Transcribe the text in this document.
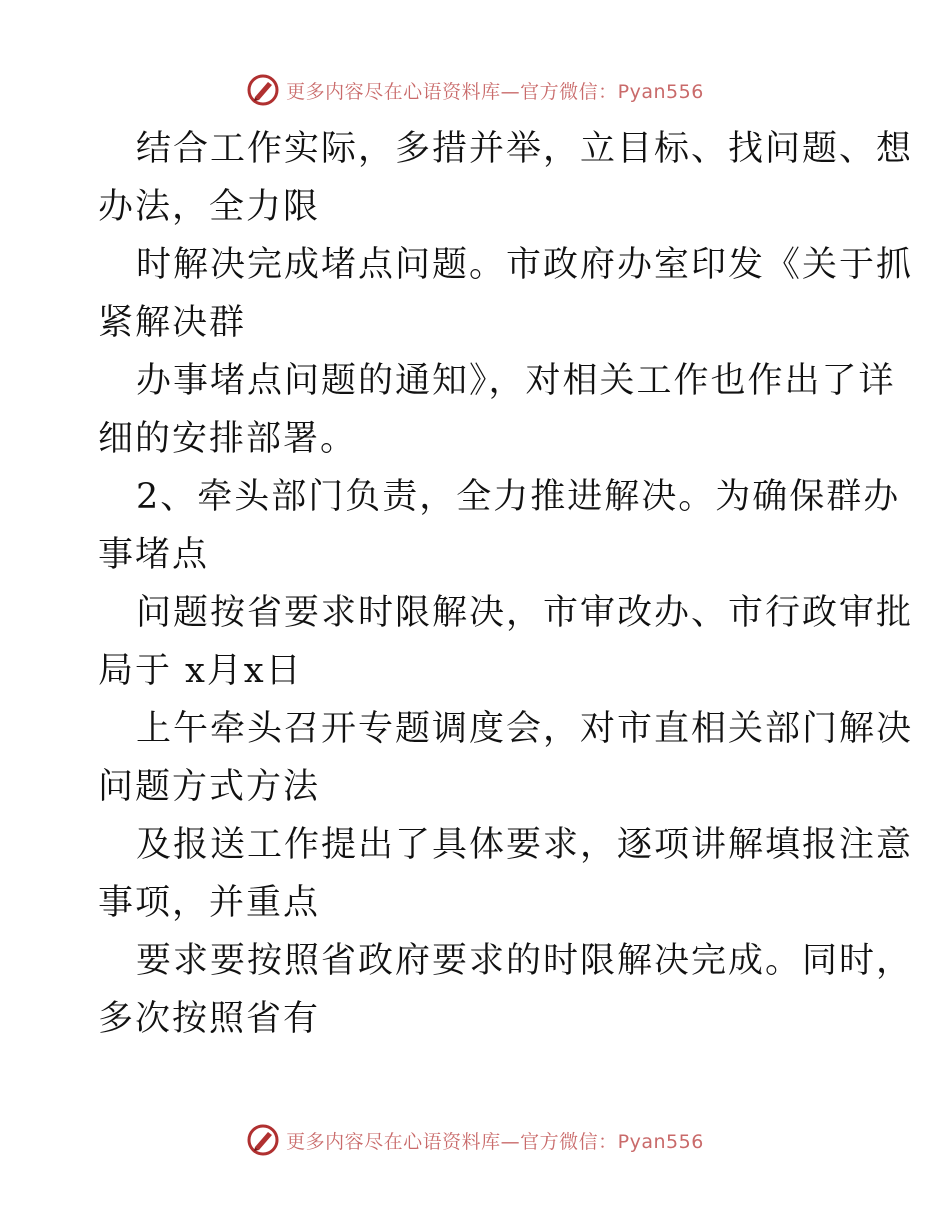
更多内容尽在心语资料库—官方微信：Pyan556

结合工作实际，多措并举，立目标、找问题、想
办法，全力限

时解决完成堵点问题。市政府办室印发《关于抓
紧解决群

办事堵点问题的通知》，对相关工作也作出了详
细的安排部署。

2、牵头部门负责，全力推进解决。为确保群办
事堵点

问题按省要求时限解决，市审改办、市行政审批
局于 x月x日

上午牵头召开专题调度会，对市直相关部门解决
问题方式方法

及报送工作提出了具体要求，逐项讲解填报注意
事项，并重点

要求要按照省政府要求的时限解决完成。同时，
多次按照省有

更多内容尽在心语资料库—官方微信：Pyan556
